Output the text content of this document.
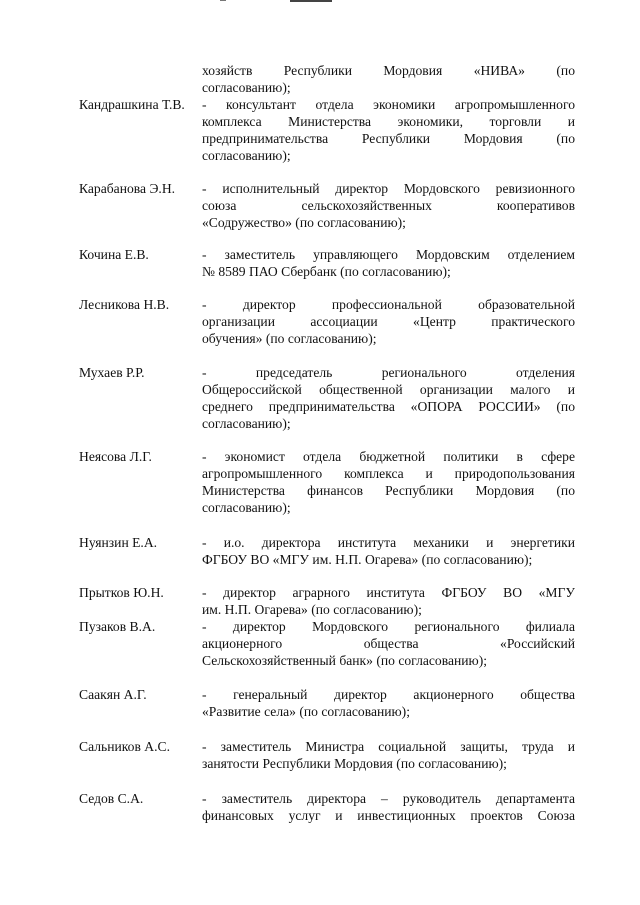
хозяйств Республики Мордовия «НИВА» (по
согласованию);
Кандрашкина Т.В. - консультант отдела экономики агропромышленного
комплекса Министерства экономики, торговли и
предпринимательства Республики Мордовия (по
согласованию);
Карабанова Э.Н. - исполнительный директор Мордовского ревизионного
союза сельскохозяйственных кооперативов
«Содружество» (по согласованию);
Кочина Е.В.	- заместитель управляющего Мордовским отделением
№ 8589 ПАО Сбербанк (по согласованию);
Лесникова Н.В. - директор профессиональной образовательной
организации ассоциации «Центр практического
обучения» (по согласованию);
Мухаев Р.Р.	- председатель регионального отделения
Общероссийской общественной организации малого и
среднего предпринимательства «ОПОРА РОССИИ» (по
согласованию);
Неясова Л.Г.	- экономист отдела бюджетной политики в сфере
агропромышленного комплекса и природопользования
Министерства финансов Республики Мордовия (по
согласованию);
Нуянзин Е.А.	- и.о. директора института механики и энергетики
ФГБОУ ВО «МГУ им. Н.П. Огарева» (по согласованию);
Прытков Ю.Н.	- директор аграрного института ФГБОУ ВО «МГУ
им. Н.П. Огарева» (по согласованию);
Пузаков В.А.	- директор Мордовского регионального филиала
акционерного общества «Российский
Сельскохозяйственный банк» (по согласованию);
Саакян А.Г.	- генеральный директор акционерного общества
«Развитие села» (по согласованию);
Сальников А.С. - заместитель Министра социальной защиты, труда и
занятости Республики Мордовия (по согласованию);
Седов С.А.	- заместитель директора – руководитель департамента
финансовых услуг и инвестиционных проектов Союза
